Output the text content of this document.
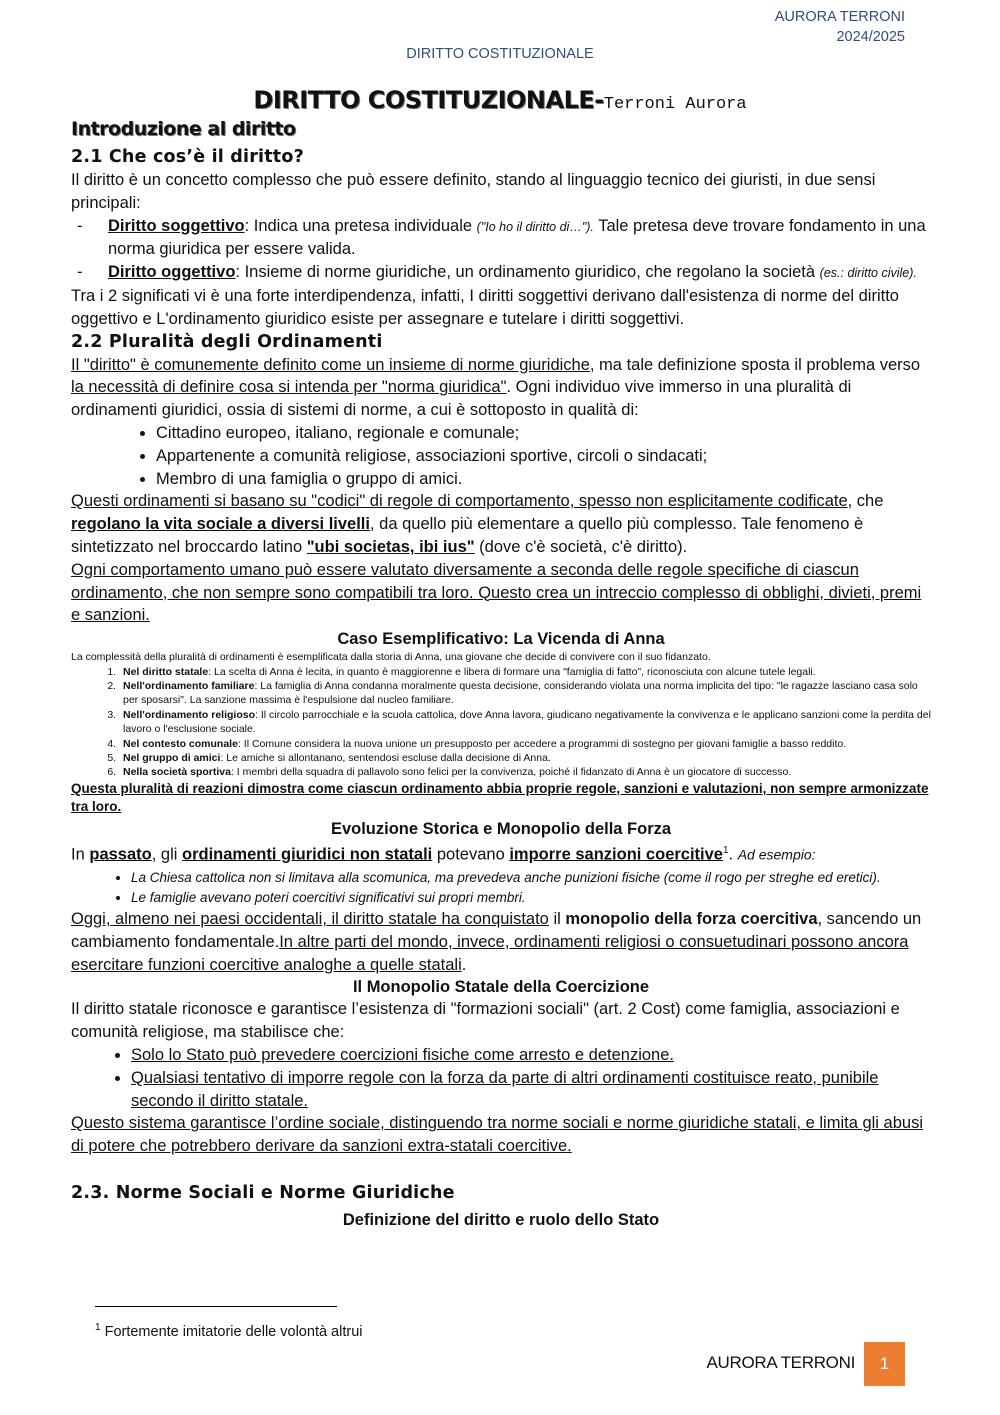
AURORA TERRONI
2024/2025
DIRITTO COSTITUZIONALE
DIRITTO COSTITUZIONALE-Terroni Aurora
Introduzione al diritto
2.1 Che cos’è il diritto?

Il diritto è un concetto complesso che può essere definito, stando al linguaggio tecnico dei giuristi, in due sensi principali:

- Diritto soggettivo: Indica una pretesa individuale ("Io ho il diritto di…"). Tale pretesa deve trovare fondamento in una norma giuridica per essere valida.
- Diritto oggettivo: Insieme di norme giuridiche, un ordinamento giuridico, che regolano la società (es.: diritto civile).

Tra i 2 significati vi è una forte interdipendenza, infatti, I diritti soggettivi derivano dall'esistenza di norme del diritto oggettivo e L'ordinamento giuridico esiste per assegnare e tutelare i diritti soggettivi.

2.2 Pluralità degli Ordinamenti

Il "diritto" è comunemente definito come un insieme di norme giuridiche, ma tale definizione sposta il problema verso la necessità di definire cosa si intenda per "norma giuridica". Ogni individuo vive immerso in una pluralità di ordinamenti giuridici, ossia di sistemi di norme, a cui è sottoposto in qualità di:

• Cittadino europeo, italiano, regionale e comunale;
• Appartenente a comunità religiose, associazioni sportive, circoli o sindacati;
• Membro di una famiglia o gruppo di amici.

Questi ordinamenti si basano su "codici" di regole di comportamento, spesso non esplicitamente codificate, che regolano la vita sociale a diversi livelli, da quello più elementare a quello più complesso. Tale fenomeno è sintetizzato nel broccardo latino "ubi societas, ibi ius" (dove c'è società, c'è diritto).

Ogni comportamento umano può essere valutato diversamente a seconda delle regole specifiche di ciascun ordinamento, che non sempre sono compatibili tra loro. Questo crea un intreccio complesso di obblighi, divieti, premi e sanzioni.

Caso Esemplificativo: La Vicenda di Anna
La complessità della pluralità di ordinamenti è esemplificata dalla storia di Anna, una giovane che decide di convivere con il suo fidanzato.
1. Nel diritto statale: La scelta di Anna è lecita, in quanto è maggiorenne e libera di formare una "famiglia di fatto", riconosciuta con alcune tutele legali.
2. Nell'ordinamento familiare: La famiglia di Anna condanna moralmente questa decisione, considerando violata una norma implicita del tipo: "le ragazze lasciano casa solo per sposarsi". La sanzione massima è l'espulsione dal nucleo familiare.
3. Nell'ordinamento religioso: Il circolo parrocchiale e la scuola cattolica, dove Anna lavora, giudicano negativamente la convivenza e le applicano sanzioni come la perdita del lavoro o l'esclusione sociale.
4. Nel contesto comunale: Il Comune considera la nuova unione un presupposto per accedere a programmi di sostegno per giovani famiglie a basso reddito.
5. Nel gruppo di amici: Le amiche si allontanano, sentendosi escluse dalla decisione di Anna.
6. Nella società sportiva: I membri della squadra di pallavolo sono felici per la convivenza, poiché il fidanzato di Anna è un giocatore di successo.
Questa pluralità di reazioni dimostra come ciascun ordinamento abbia proprie regole, sanzioni e valutazioni, non sempre armonizzate tra loro.
Evoluzione Storica e Monopolio della Forza

In passato, gli ordinamenti giuridici non statali potevano imporre sanzioni coercitive$^1$. Ad esempio:

• La Chiesa cattolica non si limitava alla scomunica, ma prevedeva anche punizioni fisiche (come il rogo per streghe ed eretici).
• Le famiglie avevano poteri coercitivi significativi sui propri membri.

Oggi, almeno nei paesi occidentali, il diritto statale ha conquistato il monopolio della forza coercitiva, sancendo un cambiamento fondamentale.In altre parti del mondo, invece, ordinamenti religiosi o consuetudinari possono ancora esercitare funzioni coercitive analoghe a quelle statali.

Il Monopolio Statale della Coercizione

Il diritto statale riconosce e garantisce l’esistenza di "formazioni sociali" (art. 2 Cost) come famiglia, associazioni e comunità religiose, ma stabilisce che:

• Solo lo Stato può prevedere coercizioni fisiche come arresto e detenzione.
• Qualsiasi tentativo di imporre regole con la forza da parte di altri ordinamenti costituisce reato, punibile secondo il diritto statale.

Questo sistema garantisce l’ordine sociale, distinguendo tra norme sociali e norme giuridiche statali, e limita gli abusi di potere che potrebbero derivare da sanzioni extra-statali coercitive.

2.3. Norme Sociali e Norme Giuridiche
Definizione del diritto e ruolo dello Stato
$^1$ Fortemente imitatorie delle volontà altrui
AURORA TERRONI	1
